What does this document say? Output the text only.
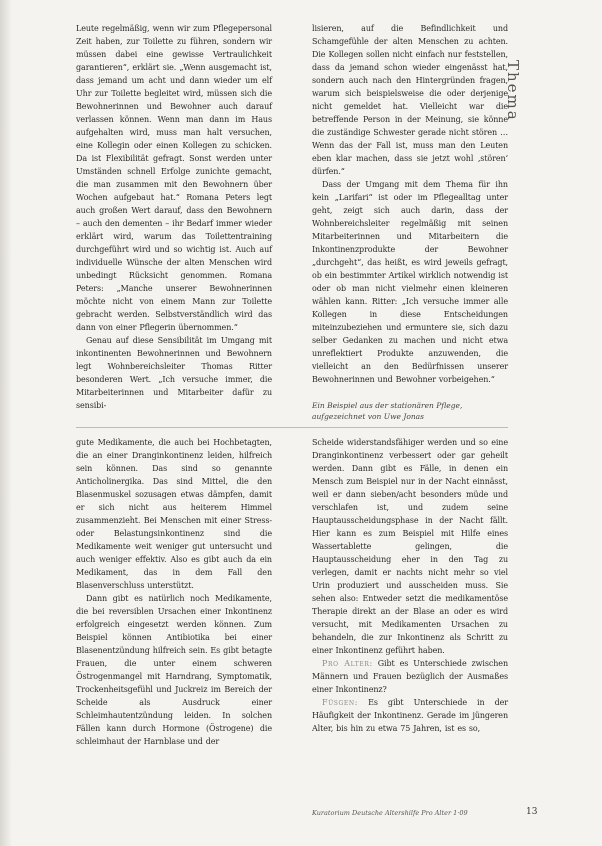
Thema

Leute regelmäßig, wenn wir zum Pflegepersonal Zeit haben, zur Toilette zu führen, sondern wir müssen dabei eine gewisse Vertraulichkeit garantieren“, erklärt sie. „Wenn ausgemacht ist, dass jemand um acht und dann wieder um elf Uhr zur Toilette begleitet wird, müssen sich die Bewohnerinnen und Bewohner auch darauf verlassen können. Wenn man dann im Haus aufgehalten wird, muss man halt versuchen, eine Kollegin oder einen Kollegen zu schicken. Da ist Flexibilität gefragt. Sonst werden unter Umständen schnell Erfolge zunichte gemacht, die man zusammen mit den Bewohnern über Wochen aufgebaut hat.“ Romana Peters legt auch großen Wert darauf, dass den Bewohnern – auch den dementen – ihr Bedarf immer wieder erklärt wird, warum das Toilettentraining durchgeführt wird und so wichtig ist. Auch auf individuelle Wünsche der alten Menschen wird unbedingt Rücksicht genommen. Romana Peters: „Manche unserer Bewohnerinnen möchte nicht von einem Mann zur Toilette gebracht werden. Selbstverständlich wird das dann von einer Pflegerin übernommen.“

Genau auf diese Sensibilität im Umgang mit inkontinenten Bewohnerinnen und Bewohnern legt Wohnbereichsleiter Thomas Ritter besonderen Wert. „Ich versuche immer, die Mitarbeiterinnen und Mitarbeiter dafür zu sensibi-

lisieren, auf die Befindlichkeit und Schamgefühle der alten Menschen zu achten. Die Kollegen sollen nicht einfach nur feststellen, dass da jemand schon wieder eingenässt hat, sondern auch nach den Hintergründen fragen, warum sich beispielsweise die oder derjenige nicht gemeldet hat. Vielleicht war die betreffende Person in der Meinung, sie könne die zuständige Schwester gerade nicht stören … Wenn das der Fall ist, muss man den Leuten eben klar machen, dass sie jetzt wohl ‚stören‘ dürfen.“

Dass der Umgang mit dem Thema für ihn kein „Larifari“ ist oder im Pflegealltag unter geht, zeigt sich auch darin, dass der Wohnbereichsleiter regelmäßig mit seinen Mitarbeiterinnen und Mitarbeitern die Inkontinenzprodukte der Bewohner „durchgeht“, das heißt, es wird jeweils gefragt, ob ein bestimmter Artikel wirklich notwendig ist oder ob man nicht vielmehr einen kleineren wählen kann. Ritter: „Ich versuche immer alle Kollegen in diese Entscheidungen miteinzubeziehen und ermuntere sie, sich dazu selber Gedanken zu machen und nicht etwa unreflektiert Produkte anzuwenden, die vielleicht an den Bedürfnissen unserer Bewohnerinnen und Bewohner vorbeigehen.“

Ein Beispiel aus der stationären Pflege, aufgezeichnet von Uwe Jonas

gute Medikamente, die auch bei Hochbetagten, die an einer Dranginkontinenz leiden, hilfreich sein können. Das sind so genannte Anticholinergika. Das sind Mittel, die den Blasenmuskel sozusagen etwas dämpfen, damit er sich nicht aus heiterem Himmel zusammenzieht. Bei Menschen mit einer Stress- oder Belastungsinkontinenz sind die Medikamente weit weniger gut untersucht und auch weniger effektiv. Also es gibt auch da ein Medikament, das in dem Fall den Blasenverschluss unterstützt.

Dann gibt es natürlich noch Medikamente, die bei reversiblen Ursachen einer Inkontinenz erfolgreich eingesetzt werden können. Zum Beispiel können Antibiotika bei einer Blasenentzündung hilfreich sein. Es gibt betagte Frauen, die unter einem schweren Östrogenmangel mit Harndrang, Symptomatik, Trockenheitsgefühl und Juckreiz im Bereich der Scheide als Ausdruck einer Schleimhautentzündung leiden. In solchen Fällen kann durch Hormone (Östrogene) die schleimhaut der Harnblase und der

Scheide widerstandsfähiger werden und so eine Dranginkontinenz verbessert oder gar geheilt werden. Dann gibt es Fälle, in denen ein Mensch zum Beispiel nur in der Nacht einnässt, weil er dann sieben/acht besonders müde und verschlafen ist, und zudem seine Hauptausscheidungsphase in der Nacht fällt. Hier kann es zum Beispiel mit Hilfe eines Wassertablette gelingen, die Hauptausscheidung eher in den Tag zu verlegen, damit er nachts nicht mehr so viel Urin produziert und ausscheiden muss. Sie sehen also: Entweder setzt die medikamentöse Therapie direkt an der Blase an oder es wird versucht, mit Medikamenten Ursachen zu behandeln, die zur Inkontinenz als Schritt zu einer Inkontinenz geführt haben.

Pro Alter: Gibt es Unterschiede zwischen Männern und Frauen bezüglich der Ausmaßes einer Inkontinenz?

Füsgen: Es gibt Unterschiede in der Häufigkeit der Inkontinenz. Gerade im jüngeren Alter, bis hin zu etwa 75 Jahren, ist es so,

Kuratorium Deutsche Altershilfe Pro Alter 1·09	13
